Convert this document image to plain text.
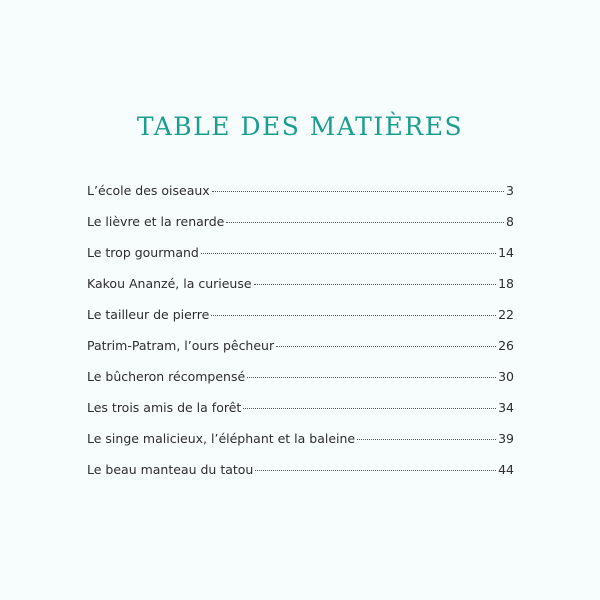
TABLE DES MATIÈRES
L’école des oiseaux	3
Le lièvre et la renarde	8
Le trop gourmand	14
Kakou Ananzé, la curieuse	18
Le tailleur de pierre	22
Patrim-Patram, l’ours pêcheur	26
Le bûcheron récompensé	30
Les trois amis de la forêt	34
Le singe malicieux, l’éléphant et la baleine	39
Le beau manteau du tatou	44
